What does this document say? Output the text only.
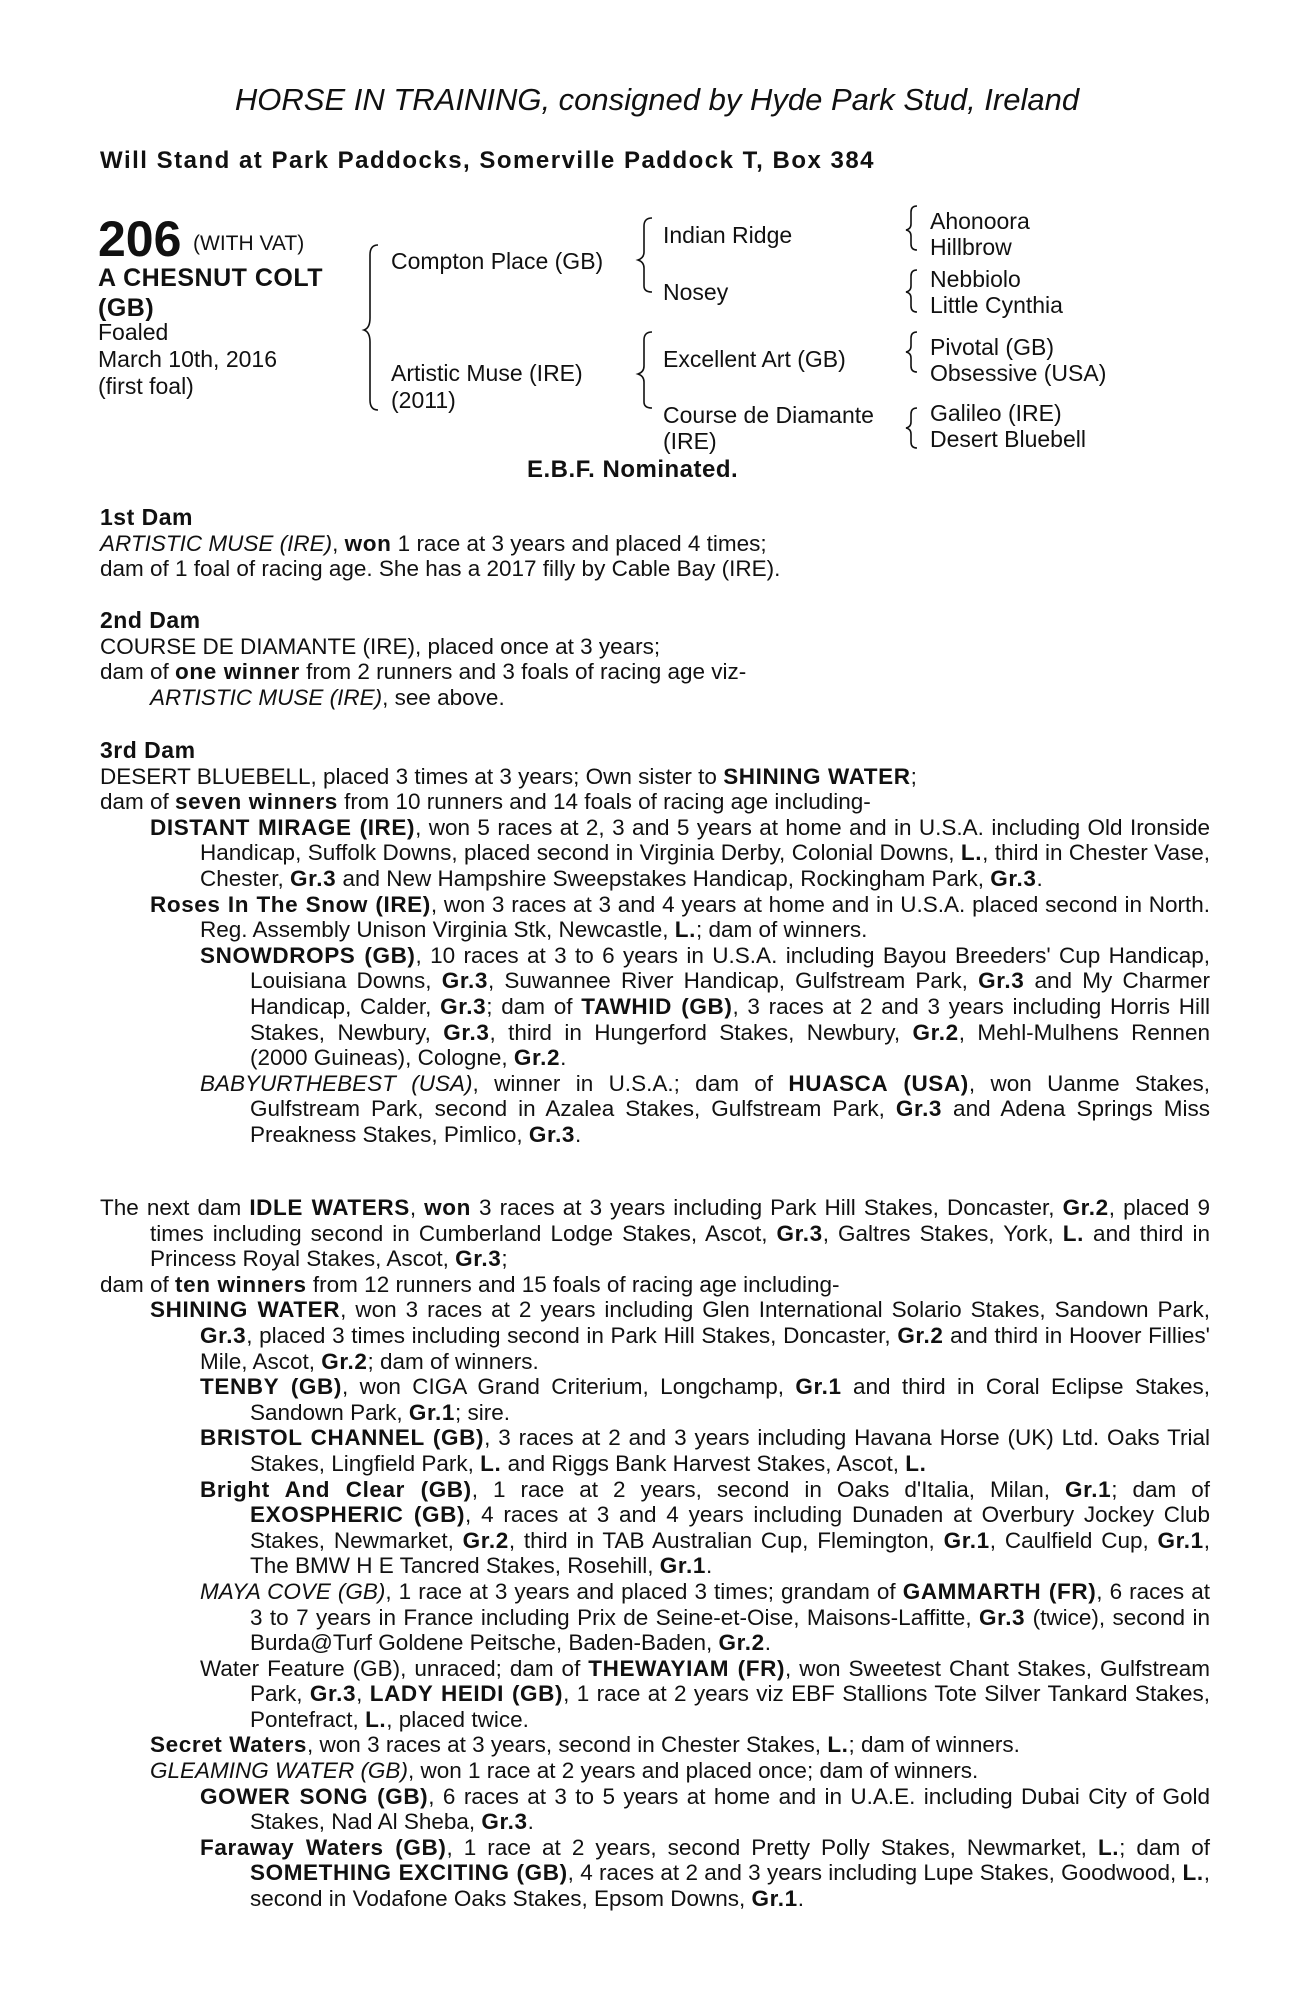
HORSE IN TRAINING, consigned by Hyde Park Stud, Ireland
Will Stand at Park Paddocks, Somerville Paddock T, Box 384
206 (WITH VAT)
A CHESNUT COLT
(GB)
Foaled
March 10th, 2016
(first foal)
Compton Place (GB)
Artistic Muse (IRE)
(2011)
Indian Ridge
Nosey
Excellent Art (GB)
Course de Diamante
(IRE)
Ahonoora
Hillbrow
Nebbiolo
Little Cynthia
Pivotal (GB)
Obsessive (USA)
Galileo (IRE)
Desert Bluebell
E.B.F. Nominated.

1st Dam

ARTISTIC MUSE (IRE), won 1 race at 3 years and placed 4 times;

dam of 1 foal of racing age. She has a 2017 filly by Cable Bay (IRE).

2nd Dam

COURSE DE DIAMANTE (IRE), placed once at 3 years;

dam of one winner from 2 runners and 3 foals of racing age viz-

ARTISTIC MUSE (IRE), see above.

3rd Dam

DESERT BLUEBELL, placed 3 times at 3 years; Own sister to SHINING WATER;

dam of seven winners from 10 runners and 14 foals of racing age including-

DISTANT MIRAGE (IRE), won 5 races at 2, 3 and 5 years at home and in U.S.A. including Old Ironside Handicap, Suffolk Downs, placed second in Virginia Derby, Colonial Downs, L., third in Chester Vase, Chester, Gr.3 and New Hampshire Sweepstakes Handicap, Rockingham Park, Gr.3.

Roses In The Snow (IRE), won 3 races at 3 and 4 years at home and in U.S.A. placed second in North. Reg. Assembly Unison Virginia Stk, Newcastle, L.; dam of winners.

SNOWDROPS (GB), 10 races at 3 to 6 years in U.S.A. including Bayou Breeders' Cup Handicap, Louisiana Downs, Gr.3, Suwannee River Handicap, Gulfstream Park, Gr.3 and My Charmer Handicap, Calder, Gr.3; dam of TAWHID (GB), 3 races at 2 and 3 years including Horris Hill Stakes, Newbury, Gr.3, third in Hungerford Stakes, Newbury, Gr.2, Mehl-Mulhens Rennen (2000 Guineas), Cologne, Gr.2.

BABYURTHEBEST (USA), winner in U.S.A.; dam of HUASCA (USA), won Uanme Stakes, Gulfstream Park, second in Azalea Stakes, Gulfstream Park, Gr.3 and Adena Springs Miss Preakness Stakes, Pimlico, Gr.3.

The next dam IDLE WATERS, won 3 races at 3 years including Park Hill Stakes, Doncaster, Gr.2, placed 9 times including second in Cumberland Lodge Stakes, Ascot, Gr.3, Galtres Stakes, York, L. and third in Princess Royal Stakes, Ascot, Gr.3;

dam of ten winners from 12 runners and 15 foals of racing age including-

SHINING WATER, won 3 races at 2 years including Glen International Solario Stakes, Sandown Park, Gr.3, placed 3 times including second in Park Hill Stakes, Doncaster, Gr.2 and third in Hoover Fillies' Mile, Ascot, Gr.2; dam of winners.

TENBY (GB), won CIGA Grand Criterium, Longchamp, Gr.1 and third in Coral Eclipse Stakes, Sandown Park, Gr.1; sire.

BRISTOL CHANNEL (GB), 3 races at 2 and 3 years including Havana Horse (UK) Ltd. Oaks Trial Stakes, Lingfield Park, L. and Riggs Bank Harvest Stakes, Ascot, L.

Bright And Clear (GB), 1 race at 2 years, second in Oaks d'Italia, Milan, Gr.1; dam of EXOSPHERIC (GB), 4 races at 3 and 4 years including Dunaden at Overbury Jockey Club Stakes, Newmarket, Gr.2, third in TAB Australian Cup, Flemington, Gr.1, Caulfield Cup, Gr.1, The BMW H E Tancred Stakes, Rosehill, Gr.1.

MAYA COVE (GB), 1 race at 3 years and placed 3 times; grandam of GAMMARTH (FR), 6 races at 3 to 7 years in France including Prix de Seine-et-Oise, Maisons-Laffitte, Gr.3 (twice), second in Burda@Turf Goldene Peitsche, Baden-Baden, Gr.2.

Water Feature (GB), unraced; dam of THEWAYIAM (FR), won Sweetest Chant Stakes, Gulfstream Park, Gr.3, LADY HEIDI (GB), 1 race at 2 years viz EBF Stallions Tote Silver Tankard Stakes, Pontefract, L., placed twice.

Secret Waters, won 3 races at 3 years, second in Chester Stakes, L.; dam of winners.

GLEAMING WATER (GB), won 1 race at 2 years and placed once; dam of winners.

GOWER SONG (GB), 6 races at 3 to 5 years at home and in U.A.E. including Dubai City of Gold Stakes, Nad Al Sheba, Gr.3.

Faraway Waters (GB), 1 race at 2 years, second Pretty Polly Stakes, Newmarket, L.; dam of SOMETHING EXCITING (GB), 4 races at 2 and 3 years including Lupe Stakes, Goodwood, L., second in Vodafone Oaks Stakes, Epsom Downs, Gr.1.
